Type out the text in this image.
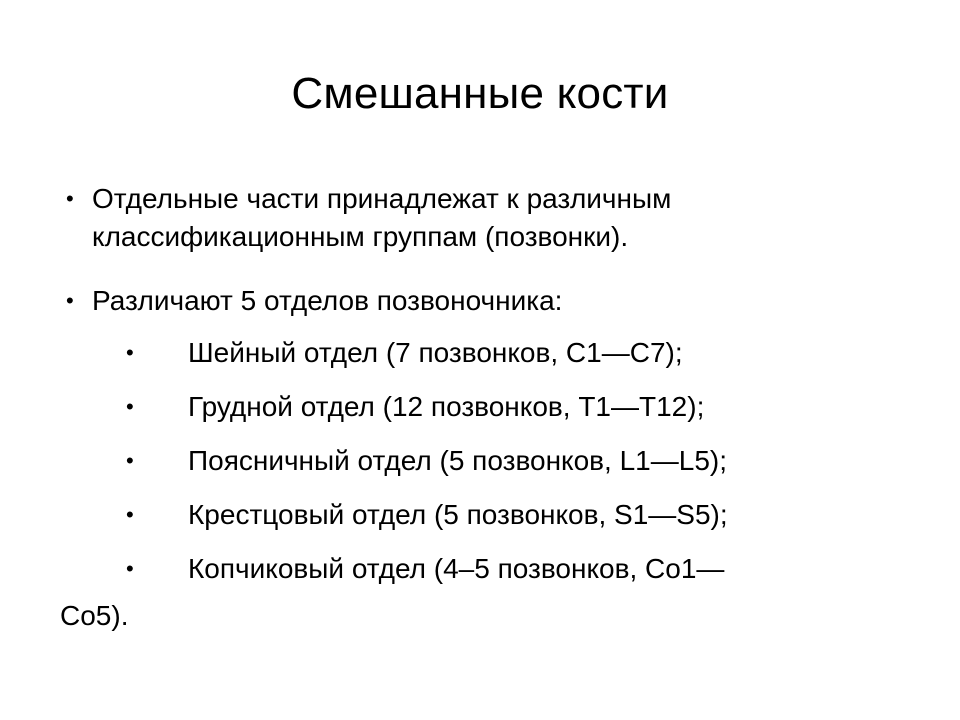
Смешанные кости
• Отдельные части принадлежат к различным классификационным группам (позвонки).
• Различают 5 отделов позвоночника:
• Шейный отдел (7 позвонков, C1—C7);
• Грудной отдел (12 позвонков, T1—T12);
• Поясничный отдел (5 позвонков, L1—L5);
• Крестцовый отдел (5 позвонков, S1—S5);
• Копчиковый отдел (4–5 позвонков, Co1—
Co5).
